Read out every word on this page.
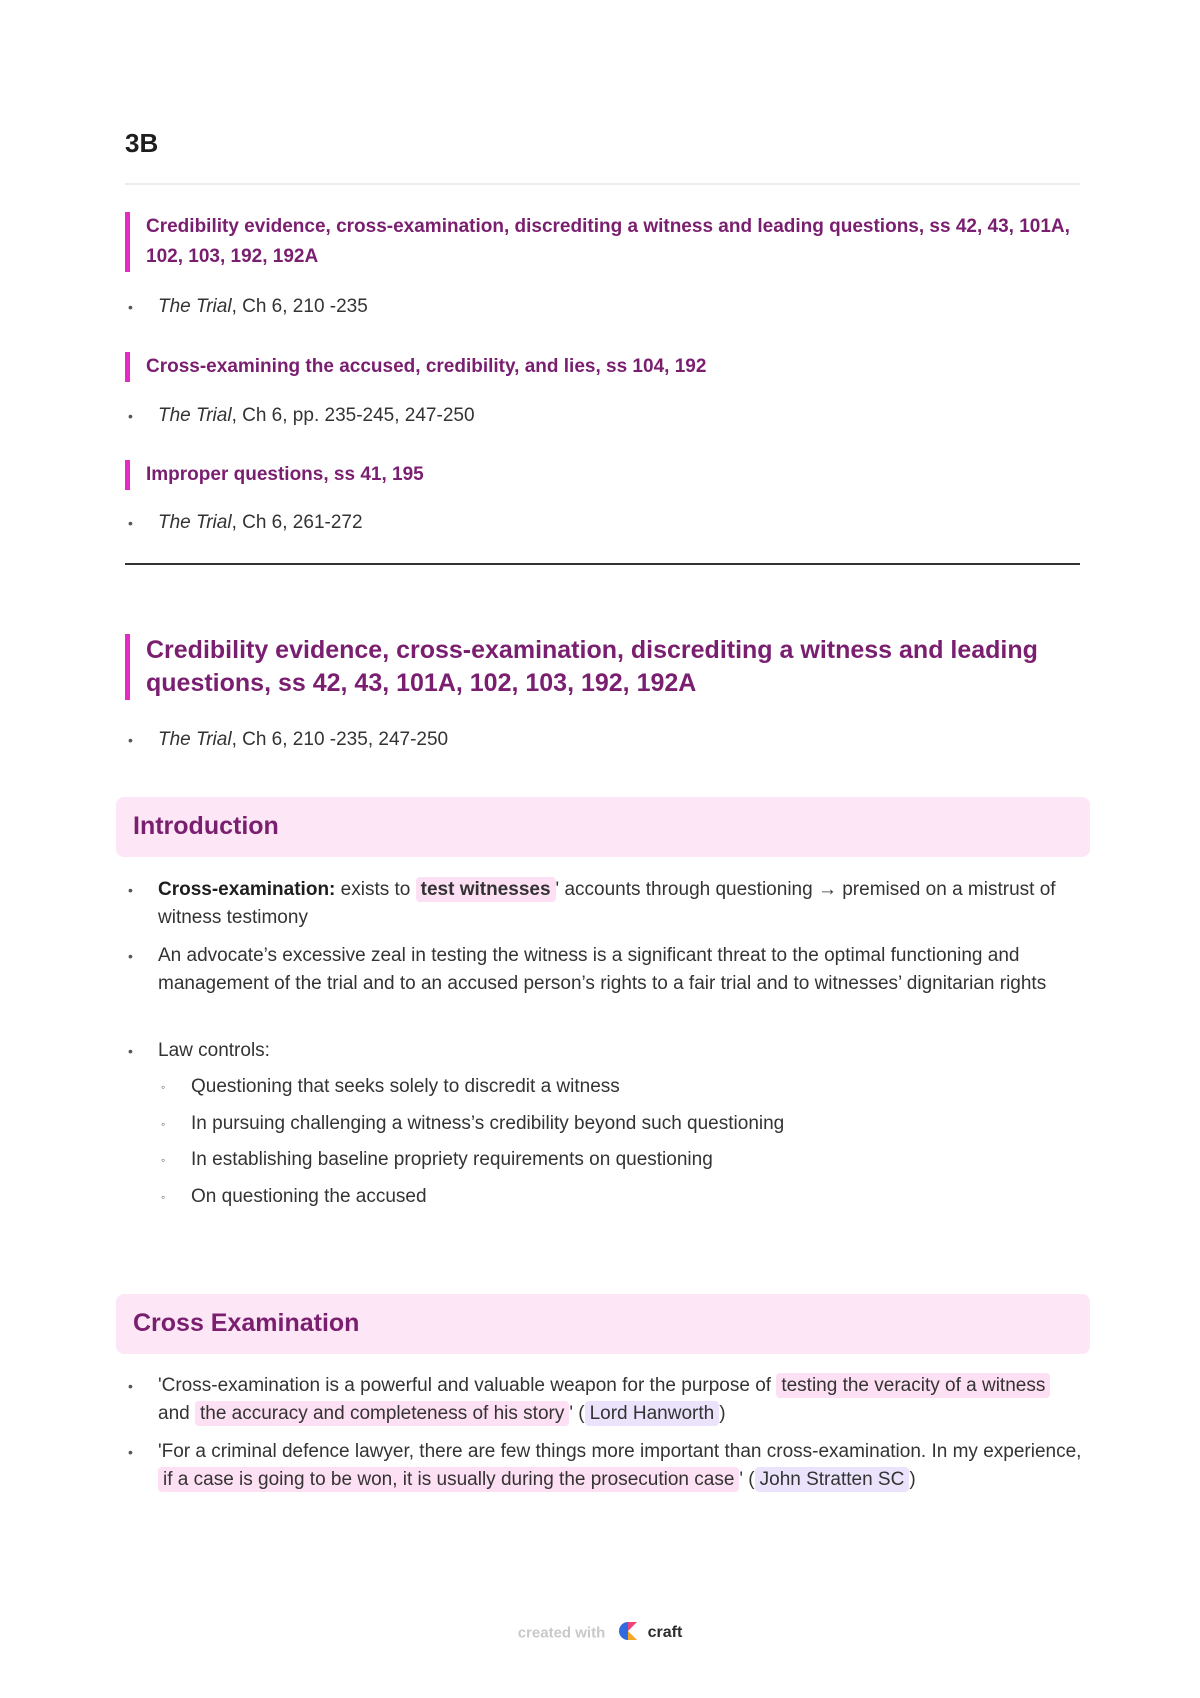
3B
Credibility evidence, cross-examination, discrediting a witness and leading questions, ss 42, 43, 101A, 102, 103, 192, 192A
•	The Trial, Ch 6, 210 -235
Cross-examining the accused, credibility, and lies, ss 104, 192
•	The Trial, Ch 6, pp. 235-245, 247-250
Improper questions, ss 41, 195
•	The Trial, Ch 6, 261-272
Credibility evidence, cross-examination, discrediting a witness and leading questions, ss 42, 43, 101A, 102, 103, 192, 192A
•	The Trial, Ch 6, 210 -235, 247-250
Introduction
•	Cross-examination: exists to test witnesses ' accounts through questioning → premised on a mistrust of witness testimony
•	An advocate’s excessive zeal in testing the witness is a significant threat to the optimal functioning and management of the trial and to an accused person’s rights to a fair trial and to witnesses’ dignitarian rights
•	Law controls:
◦	Questioning that seeks solely to discredit a witness
◦	In pursuing challenging a witness’s credibility beyond such questioning
◦	In establishing baseline propriety requirements on questioning
◦	On questioning the accused
Cross Examination
•	'Cross-examination is a powerful and valuable weapon for the purpose of testing the veracity of a witness and the accuracy and completeness of his story ' ( Lord Hanworth )
•	'For a criminal defence lawyer, there are few things more important than cross-examination. In my experience, if a case is going to be won, it is usually during the prosecution case ' ( John Stratten SC )
created with	craft
